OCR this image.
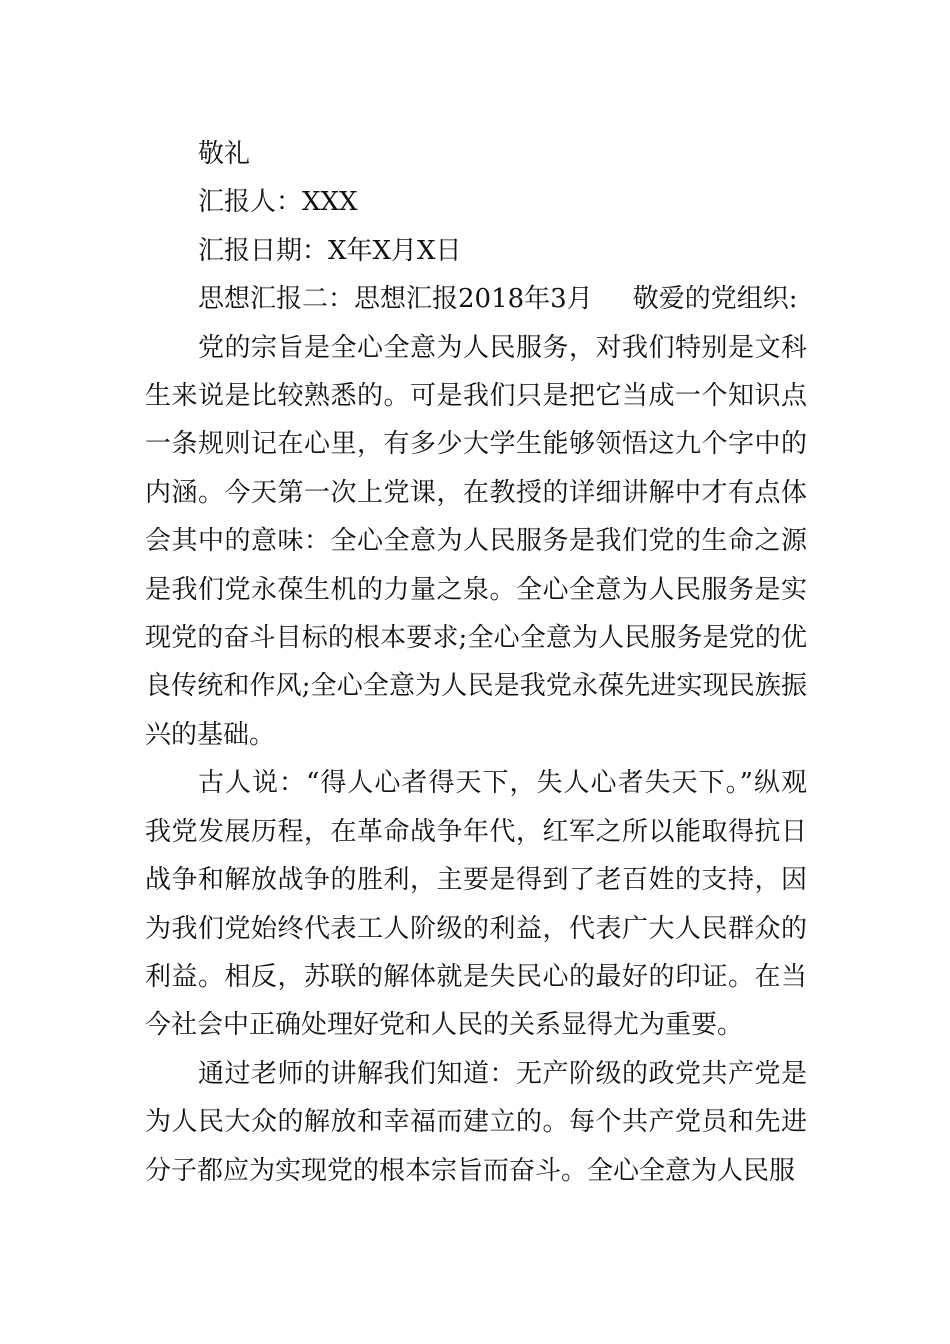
敬礼

汇报人：XXX

汇报日期：X年X月X日

思想汇报二：思想汇报2018年3月 敬爱的党组织:

党的宗旨是全心全意为人民服务，对我们特别是文科生来说是比较熟悉的。可是我们只是把它当成一个知识点一条规则记在心里，有多少大学生能够领悟这九个字中的内涵。今天第一次上党课，在教授的详细讲解中才有点体会其中的意味：全心全意为人民服务是我们党的生命之源是我们党永葆生机的力量之泉。全心全意为人民服务是实现党的奋斗目标的根本要求;全心全意为人民服务是党的优良传统和作风;全心全意为人民是我党永葆先进实现民族振兴的基础。

古人说：“得人心者得天下，失人心者失天下。”纵观我党发展历程，在革命战争年代，红军之所以能取得抗日战争和解放战争的胜利，主要是得到了老百姓的支持，因为我们党始终代表工人阶级的利益，代表广大人民群众的利益。相反，苏联的解体就是失民心的最好的印证。在当今社会中正确处理好党和人民的关系显得尤为重要。

通过老师的讲解我们知道：无产阶级的政党共产党是为人民大众的解放和幸福而建立的。每个共产党员和先进分子都应为实现党的根本宗旨而奋斗。全心全意为人民服
